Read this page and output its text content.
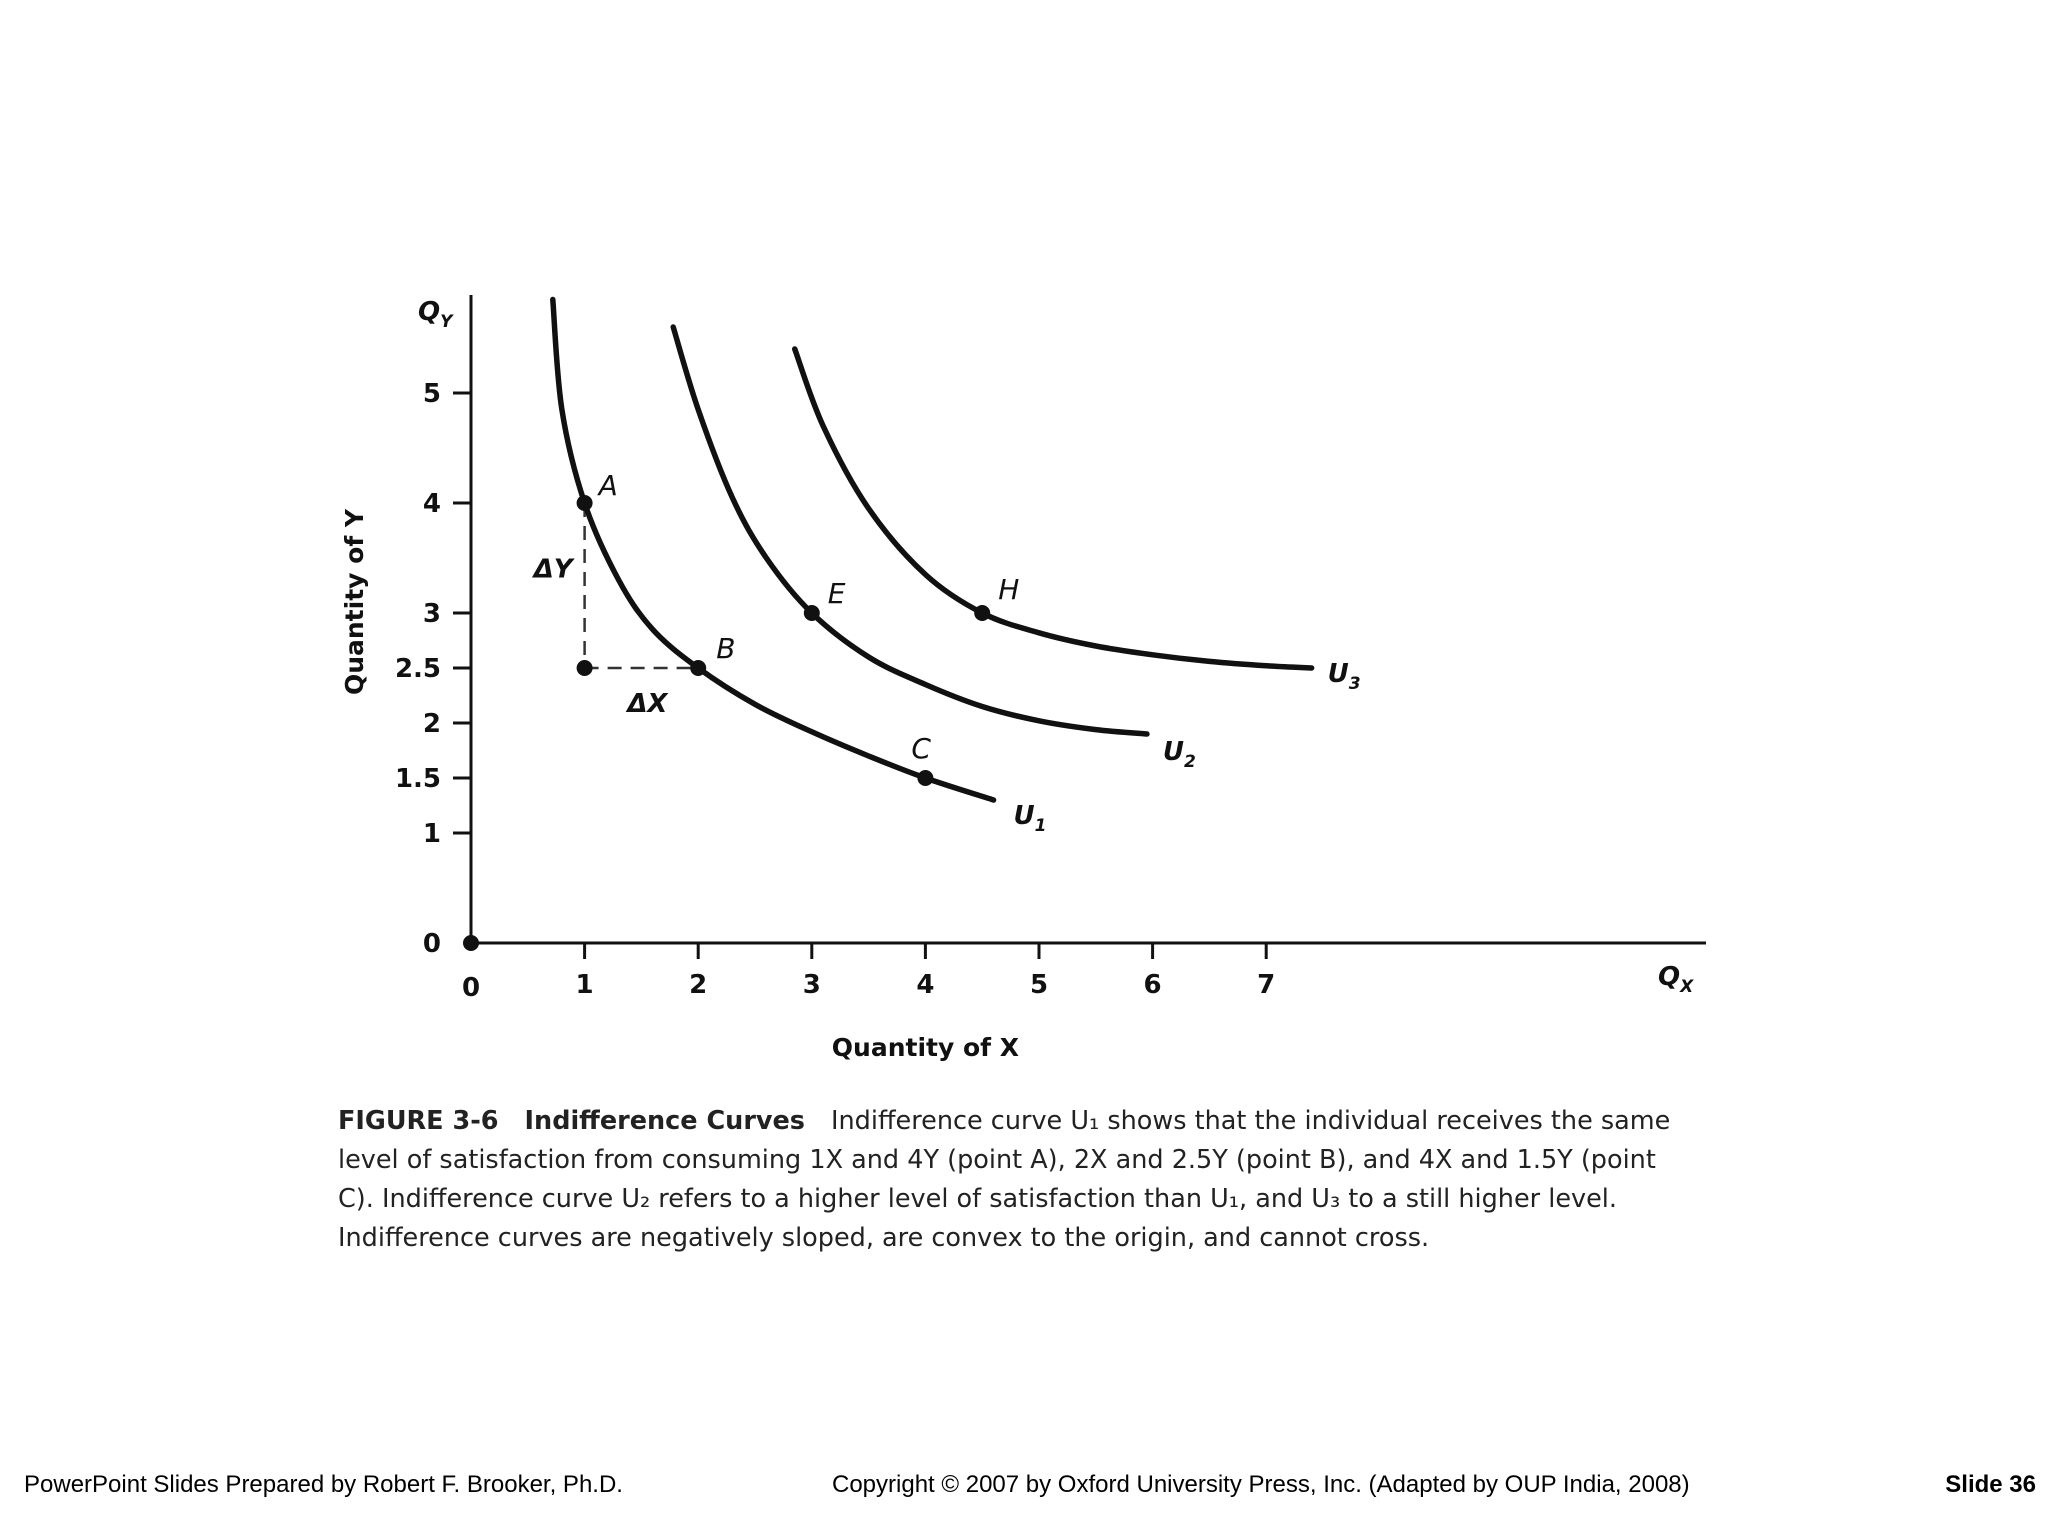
0
1
1.5
2
2.5
3
4
5
0	1	2	3	4	5	6	7
Quantity of X
Quantity of Y
$Q_Y$
$Q_X$
ΔY
ΔX
$U_1$
$U_2$
$U_3$
A
B
C
E	H
FIGURE 3-6 Indifference Curves Indifference curve U₁ shows that the individual receives the same level of satisfaction from consuming 1X and 4Y (point A), 2X and 2.5Y (point B), and 4X and 1.5Y (point C). Indifference curve U₂ refers to a higher level of satisfaction than U₁, and U₃ to a still higher level. Indifference curves are negatively sloped, are convex to the origin, and cannot cross.
PowerPoint Slides Prepared by Robert F. Brooker, Ph.D.	Copyright © 2007 by Oxford University Press, Inc. (Adapted by OUP India, 2008)	Slide 36
